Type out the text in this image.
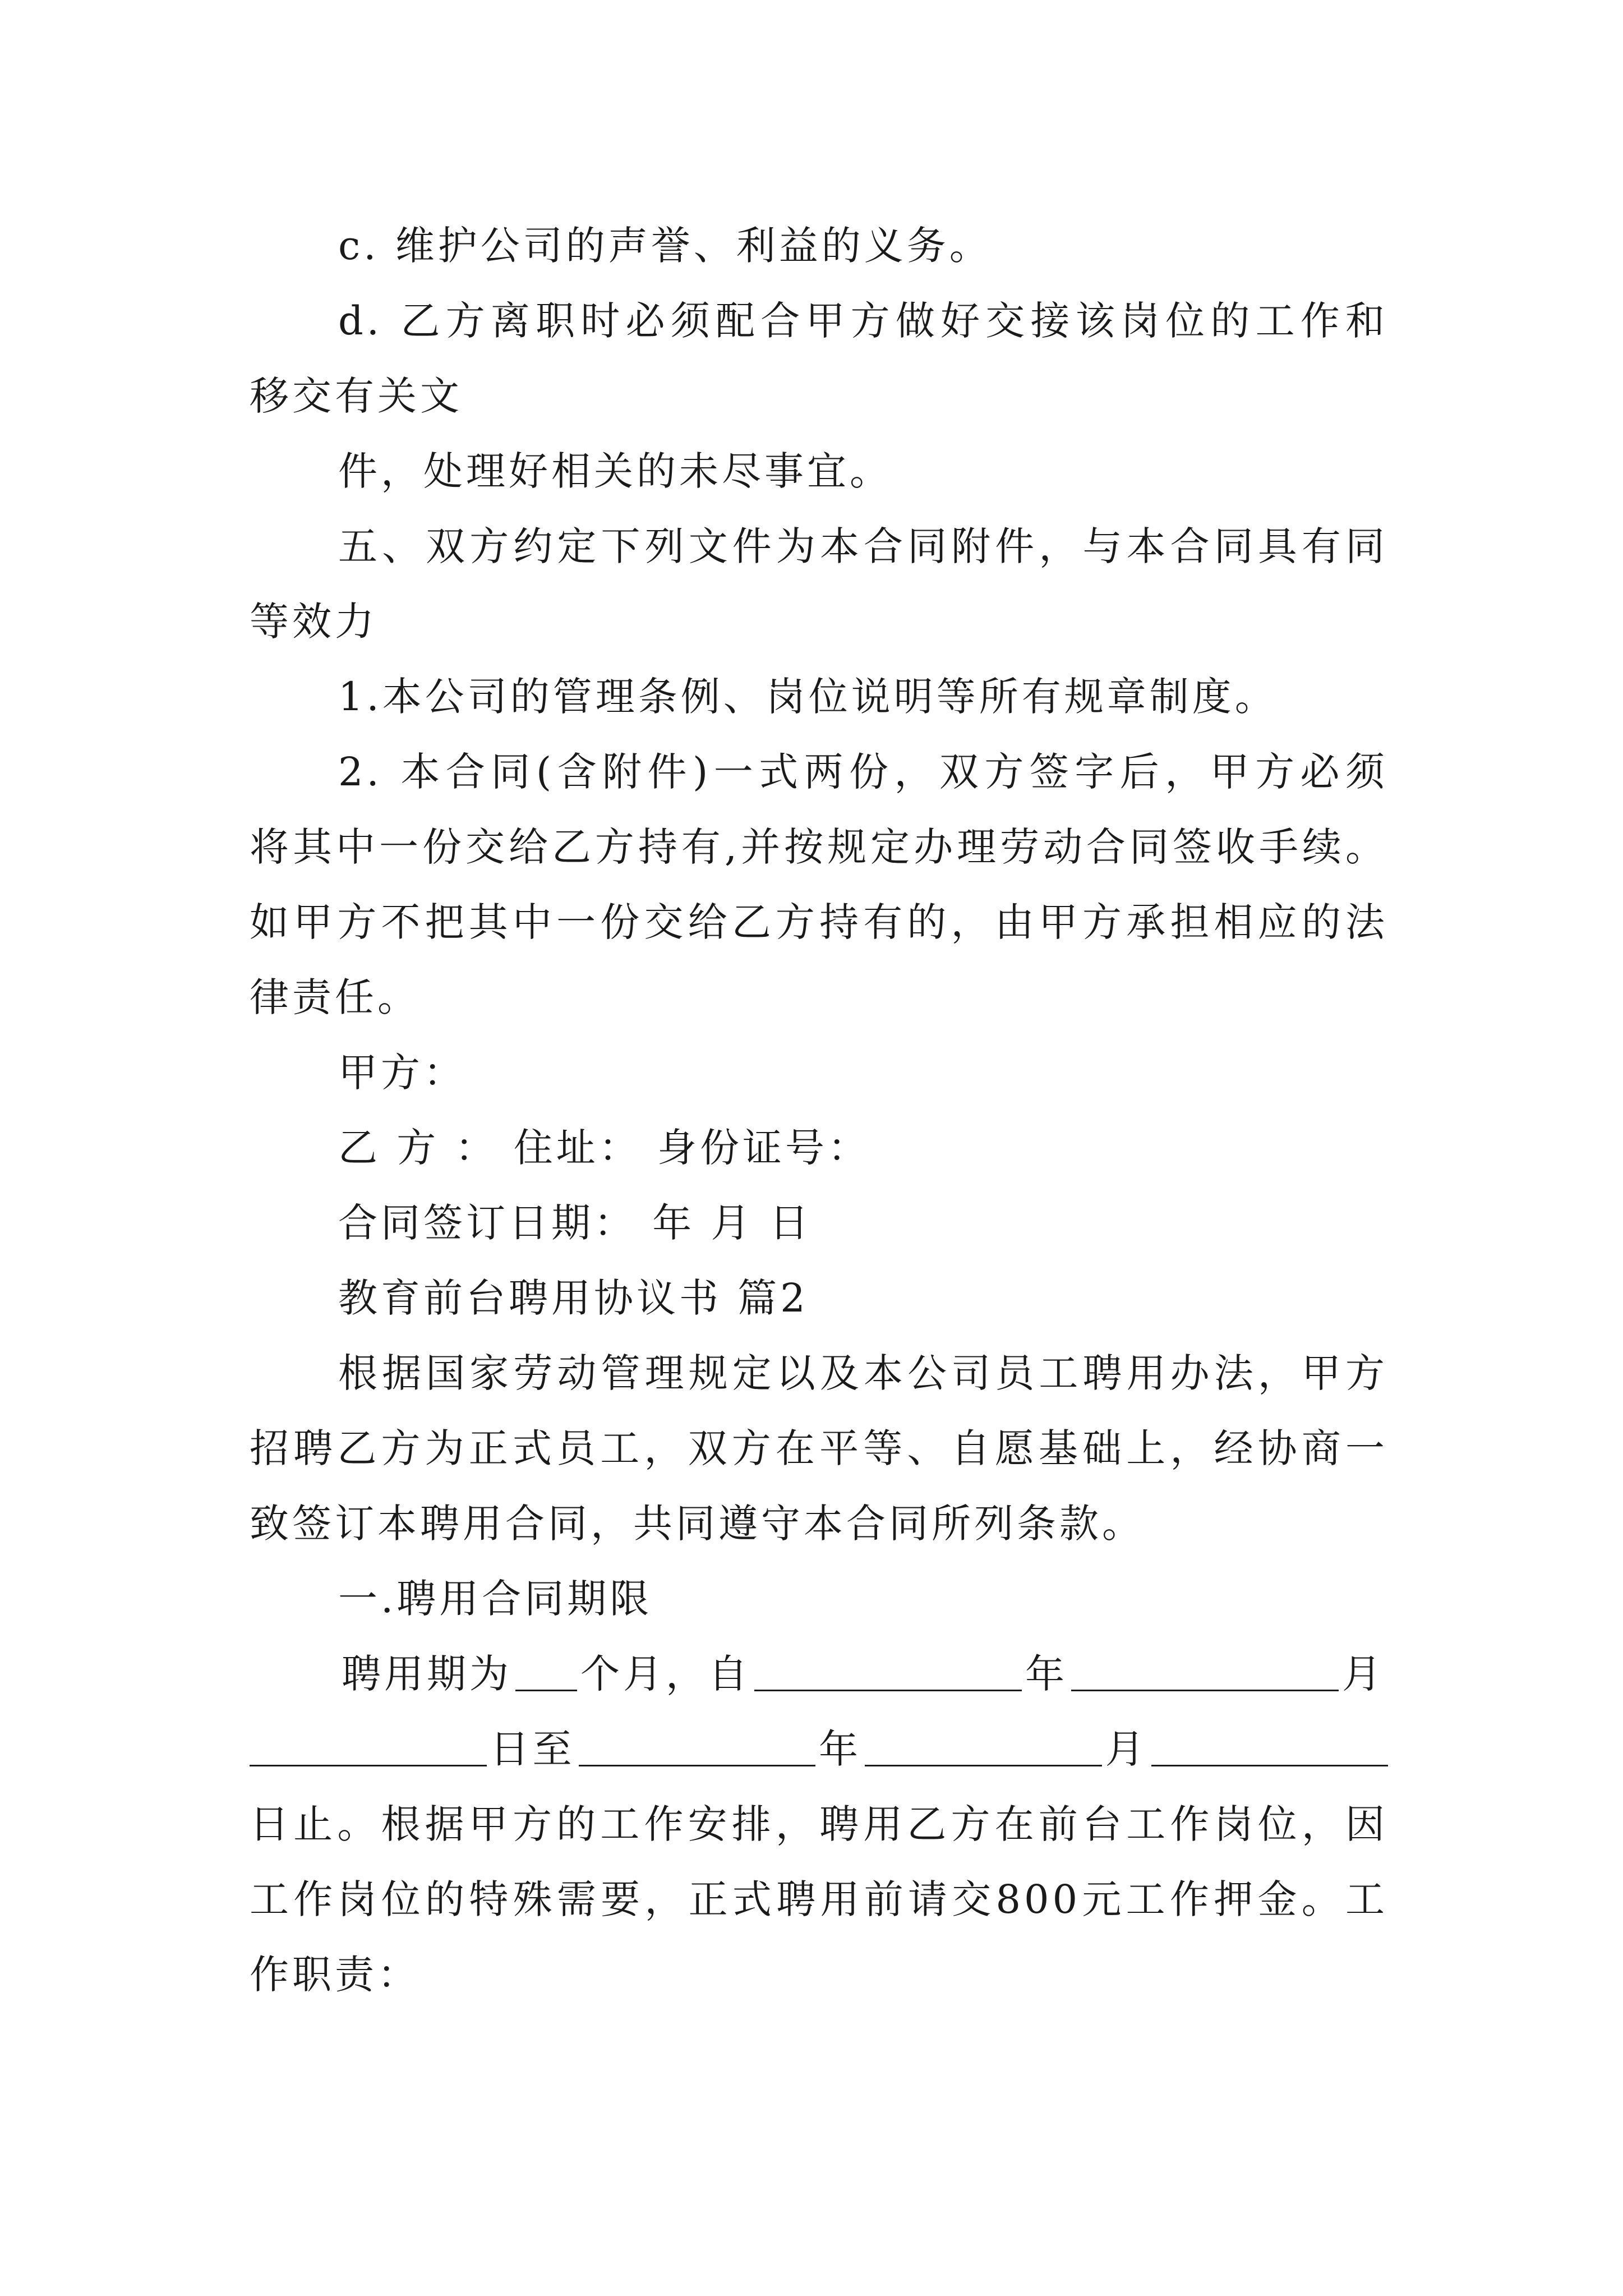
c. 维护公司的声誉、利益的义务。
d. 乙方离职时必须配合甲方做好交接该岗位的工作和
移交有关文
件，处理好相关的未尽事宜。
五、双方约定下列文件为本合同附件，与本合同具有同
等效力
1.本公司的管理条例、岗位说明等所有规章制度。
2. 本合同(含附件)一式两份，双方签字后，甲方必须
将其中一份交给乙方持有,并按规定办理劳动合同签收手续。
如甲方不把其中一份交给乙方持有的，由甲方承担相应的法
律责任。
甲方：
乙 方 ： 住址： 身份证号：
合同签订日期： 年 月 日
教育前台聘用协议书 篇2
根据国家劳动管理规定以及本公司员工聘用办法，甲方
招聘乙方为正式员工，双方在平等、自愿基础上，经协商一
致签订本聘用合同，共同遵守本合同所列条款。
一.聘用合同期限
聘用期为 个月，自	年	月
日至	年	月
日止。根据甲方的工作安排，聘用乙方在前台工作岗位，因
工作岗位的特殊需要，正式聘用前请交800元工作押金。工
作职责：
